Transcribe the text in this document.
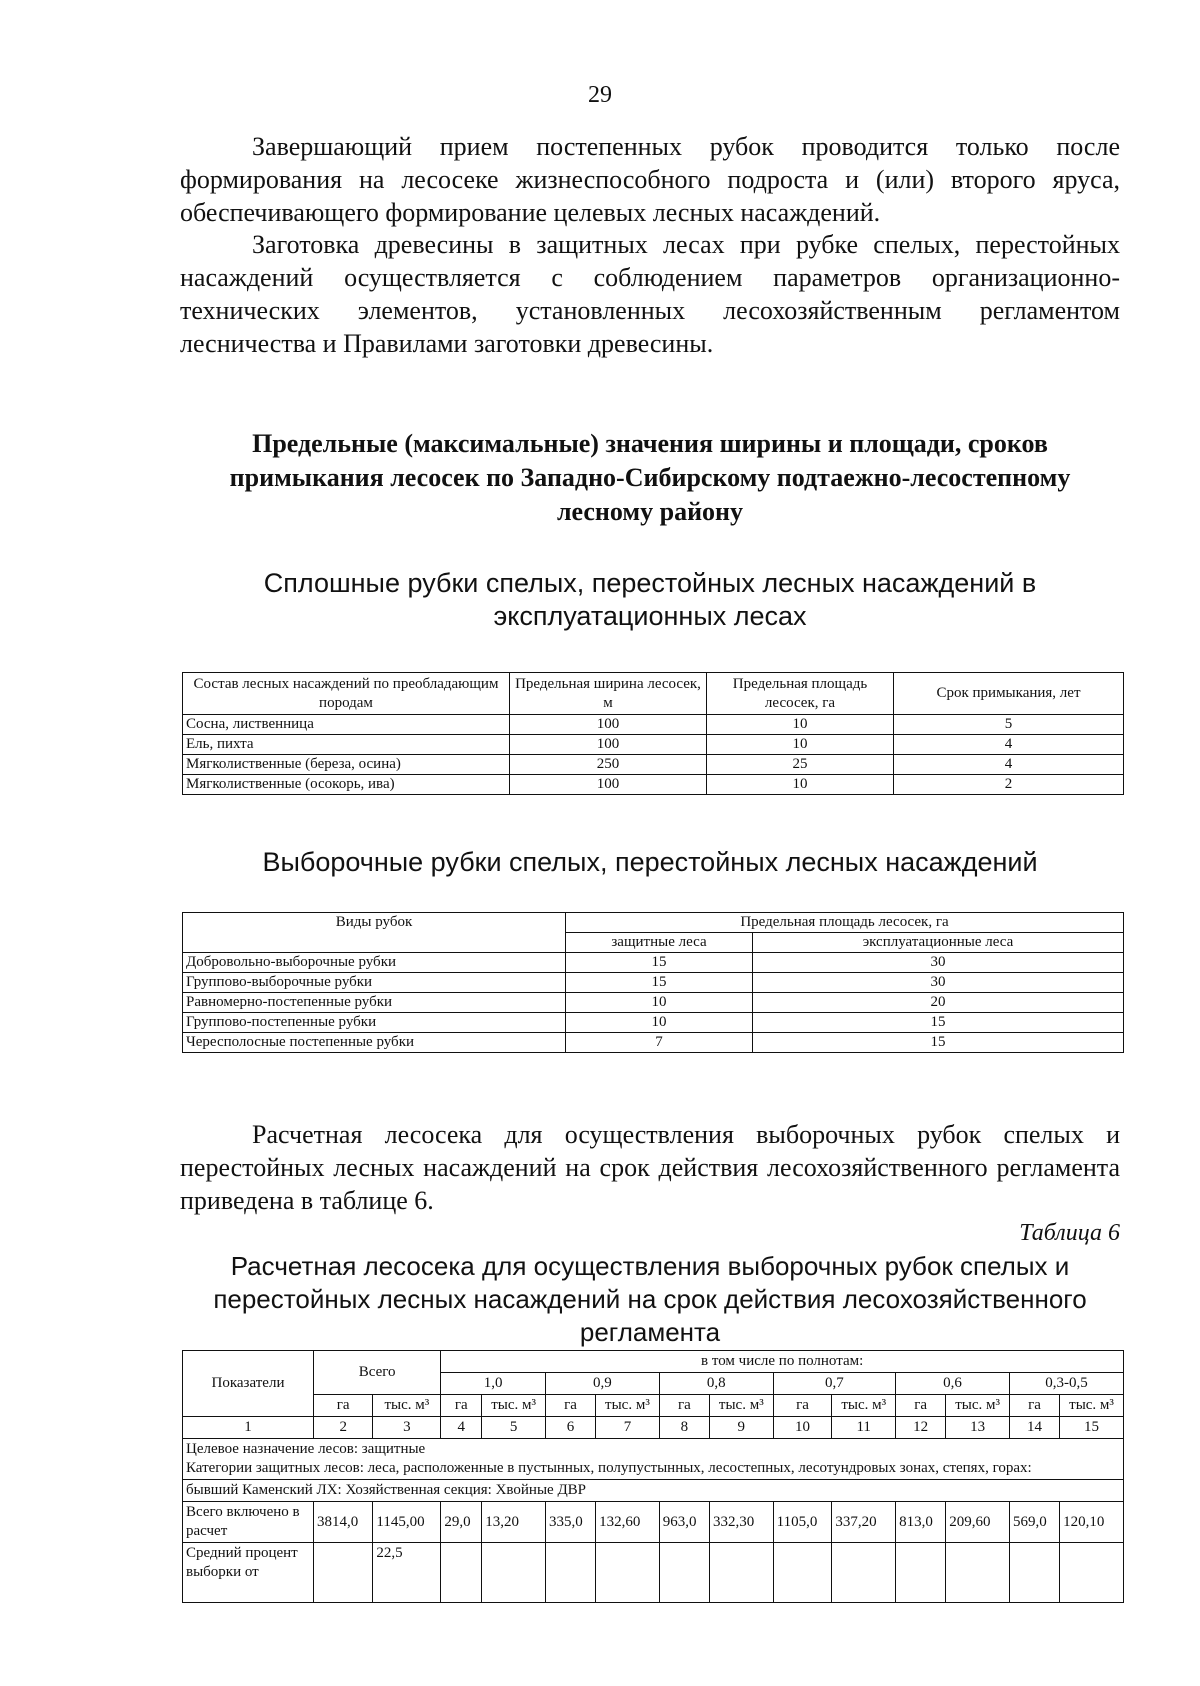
29
Завершающий прием постепенных рубок проводится только после формирования на лесосеке жизнеспособного подроста и (или) второго яруса, обеспечивающего формирование целевых лесных насаждений.
Заготовка древесины в защитных лесах при рубке спелых, перестойных насаждений осуществляется с соблюдением параметров организационно-технических элементов, установленных лесохозяйственным регламентом лесничества и Правилами заготовки древесины.
Предельные (максимальные) значения ширины и площади, сроков примыкания лесосек по Западно-Сибирскому подтаежно-лесостепному лесному району
Сплошные рубки спелых, перестойных лесных насаждений в эксплуатационных лесах
Состав лесных насаждений по преобладающим породам	Предельная ширина лесосек, м	Предельная площадь лесосек, га	Срок примыкания, лет
Сосна, лиственница	100	10	5
Ель, пихта	100	10	4
Мягколиственные (береза, осина)	250	25	4
Мягколиственные (осокорь, ива)	100	10	2
Выборочные рубки спелых, перестойных лесных насаждений
Виды рубок	Предельная площадь лесосек, га	
	защитные леса	эксплуатационные леса
Добровольно-выборочные рубки	15	30
Группово-выборочные рубки	15	30
Равномерно-постепенные рубки	10	20
Группово-постепенные рубки	10	15
Чересполосные постепенные рубки	7	15
Расчетная лесосека для осуществления выборочных рубок спелых и перестойных лесных насаждений на срок действия лесохозяйственного регламента приведена в таблице 6.
Таблица 6
Расчетная лесосека для осуществления выборочных рубок спелых и перестойных лесных насаждений на срок действия лесохозяйственного регламента
Показатели	Всего		в том числе по полнотам:											
			1,0		0,9		0,8		0,7		0,6		0,3-0,5	
	га	тыс. м³	га	тыс. м³	га	тыс. м³	га	тыс. м³	га	тыс. м³	га	тыс. м³	га	тыс. м³
1	2	3	4	5	6	7	8	9	10	11	12	13	14	15

Целевое назначение лесов: защитные
Категории защитных лесов: леса, расположенные в пустынных, полупустынных, лесостепных, лесотундровых зонах, степях, горах:														

бывший Каменский ЛХ: Хозяйственная секция: Хвойные ДВР														
Всего включено в расчет	3814,0	1145,00	29,0	13,20	335,0	132,60	963,0	332,30	1105,0	337,20	813,0	209,60	569,0	120,10
Средний процент выборки от		22,5												
